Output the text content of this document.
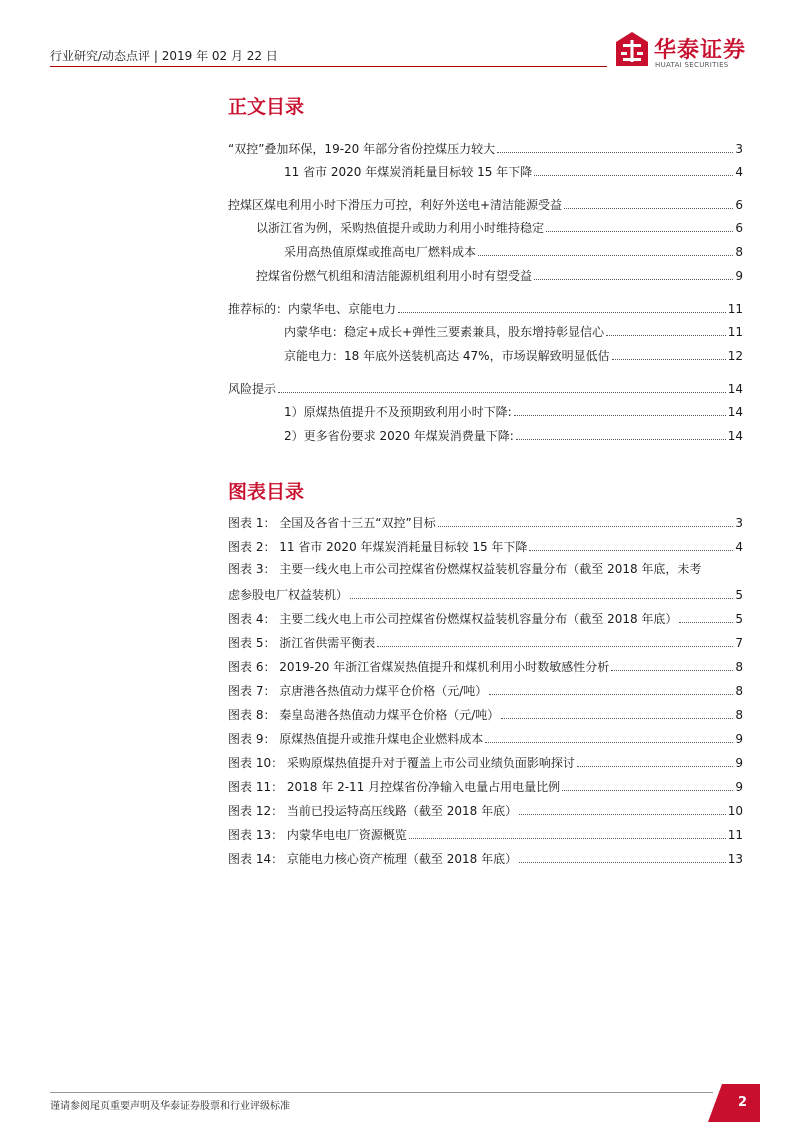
行业研究/动态点评 | 2019 年 02 月 22 日	华泰证券
HUATAI SECURITIES
正文目录
“双控”叠加环保，19-20 年部分省份控煤压力较大	3
11 省市 2020 年煤炭消耗量目标较 15 年下降	4
控煤区煤电利用小时下滑压力可控，利好外送电+清洁能源受益	6
以浙江省为例，采购热值提升或助力利用小时维持稳定	6
采用高热值原煤或推高电厂燃料成本	8
控煤省份燃气机组和清洁能源机组利用小时有望受益	9
推荐标的：内蒙华电、京能电力	11
内蒙华电：稳定+成长+弹性三要素兼具，股东增持彰显信心	11
京能电力：18 年底外送装机高达 47%，市场误解致明显低估	12
风险提示	14
1）原煤热值提升不及预期致利用小时下降:	14
2）更多省份要求 2020 年煤炭消费量下降:	14
图表目录
图表 1： 全国及各省十三五“双控”目标	3
图表 2： 11 省市 2020 年煤炭消耗量目标较 15 年下降	4
图表 3： 主要一线火电上市公司控煤省份燃煤权益装机容量分布（截至 2018 年底，未考
虑参股电厂权益装机）	5
图表 4： 主要二线火电上市公司控煤省份燃煤权益装机容量分布（截至 2018 年底）	5
图表 5： 浙江省供需平衡表	7
图表 6： 2019-20 年浙江省煤炭热值提升和煤机利用小时数敏感性分析	8
图表 7： 京唐港各热值动力煤平仓价格（元/吨）	8
图表 8： 秦皇岛港各热值动力煤平仓价格（元/吨）	8
图表 9： 原煤热值提升或推升煤电企业燃料成本	9
图表 10： 采购原煤热值提升对于覆盖上市公司业绩负面影响探讨	9
图表 11： 2018 年 2-11 月控煤省份净输入电量占用电量比例	9
图表 12： 当前已投运特高压线路（截至 2018 年底）	10
图表 13： 内蒙华电电厂资源概览	11
图表 14： 京能电力核心资产梳理（截至 2018 年底）	13
谨请参阅尾页重要声明及华泰证券股票和行业评级标准	2
